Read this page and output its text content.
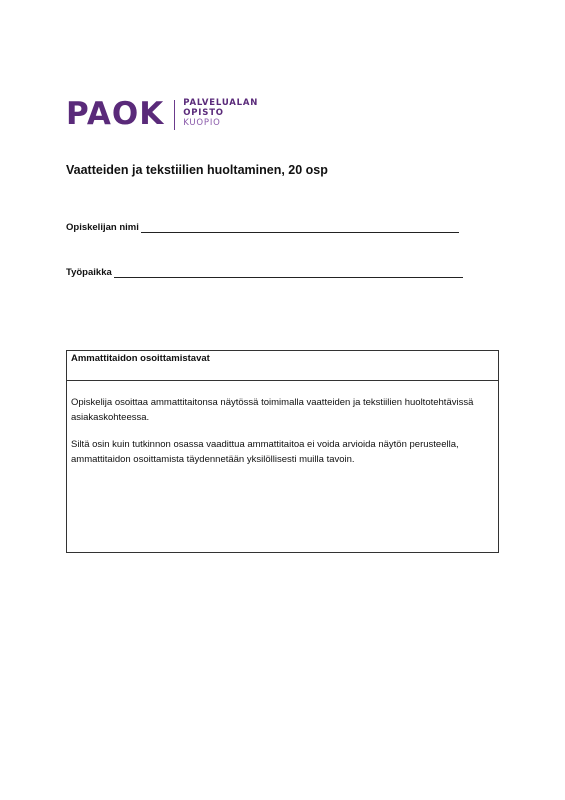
PAOK PALVELUALAN
OPISTO
KUOPIO
Vaatteiden ja tekstiilien huoltaminen, 20 osp
Opiskelijan nimi
Työpaikka
Ammattitaidon osoittamistavat

Opiskelija osoittaa ammattitaitonsa näytössä toimimalla vaatteiden ja tekstiilien huoltotehtävissä asiakaskohteessa.

Siltä osin kuin tutkinnon osassa vaadittua ammattitaitoa ei voida arvioida näytön perusteella, ammattitaidon osoittamista täydennetään yksilöllisesti muilla tavoin.
